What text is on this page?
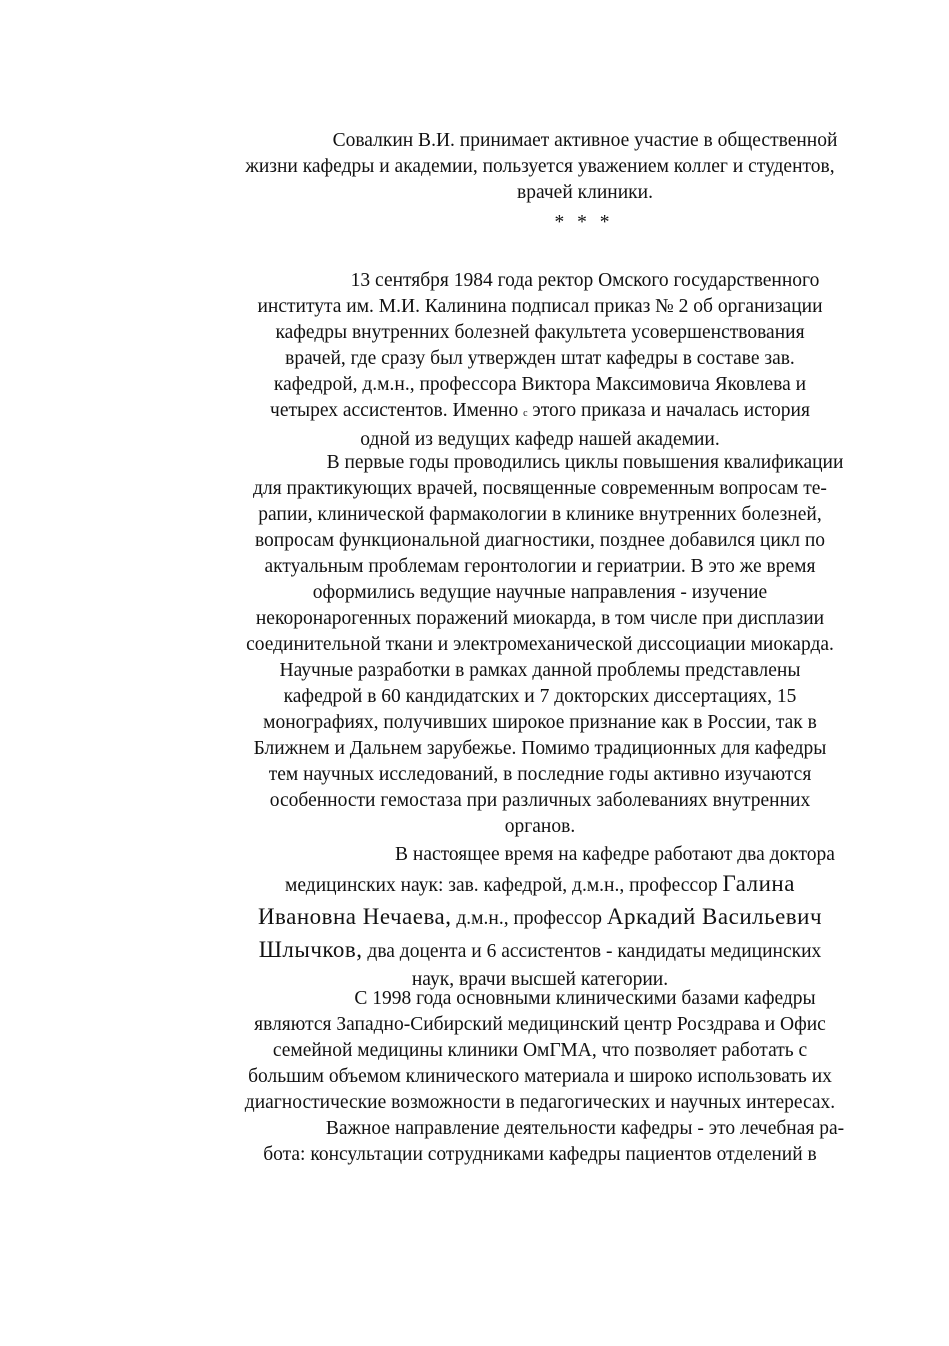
Совалкин В.И. принимает активное участие в общественной
жизни кафедры и академии, пользуется уважением коллег и студентов,
врачей клиники.
* * *
13 сентября 1984 года ректор Омского государственного
института им. М.И. Калинина подписал приказ № 2 об организации
кафедры внутренних болезней факультета усовершенствования
врачей, где сразу был утвержден штат кафедры в составе зав.
кафедрой, д.м.н., профессора Виктора Максимовича Яковлева и
четырех ассистентов. Именно с этого приказа и началась история
одной из ведущих кафедр нашей академии.
В первые годы проводились циклы повышения квалификации
для практикующих врачей, посвященные современным вопросам те-
рапии, клинической фармакологии в клинике внутренних болезней,
вопросам функциональной диагностики, позднее добавился цикл по
актуальным проблемам геронтологии и гериатрии. В это же время
оформились ведущие научные направления - изучение
некоронарогенных поражений миокарда, в том числе при дисплазии
соединительной ткани и электромеханической диссоциации миокарда.
Научные разработки в рамках данной проблемы представлены
кафедрой в 60 кандидатских и 7 докторских диссертациях, 15
монографиях, получивших широкое признание как в России, так в
Ближнем и Дальнем зарубежье. Помимо традиционных для кафедры
тем научных исследований, в последние годы активно изучаются
особенности гемостаза при различных заболеваниях внутренних
органов.
В настоящее время на кафедре работают два доктора
медицинских наук: зав. кафедрой, д.м.н., профессор Галина
Ивановна Нечаева, д.м.н., профессор Аркадий Васильевич
Шлычков, два доцента и 6 ассистентов - кандидаты медицинских
наук, врачи высшей категории.
С 1998 года основными клиническими базами кафедры
являются Западно-Сибирский медицинский центр Росздрава и Офис
семейной медицины клиники ОмГМА, что позволяет работать с
большим объемом клинического материала и широко использовать их
диагностические возможности в педагогических и научных интересах.
Важное направление деятельности кафедры - это лечебная ра-
бота: консультации сотрудниками кафедры пациентов отделений в
